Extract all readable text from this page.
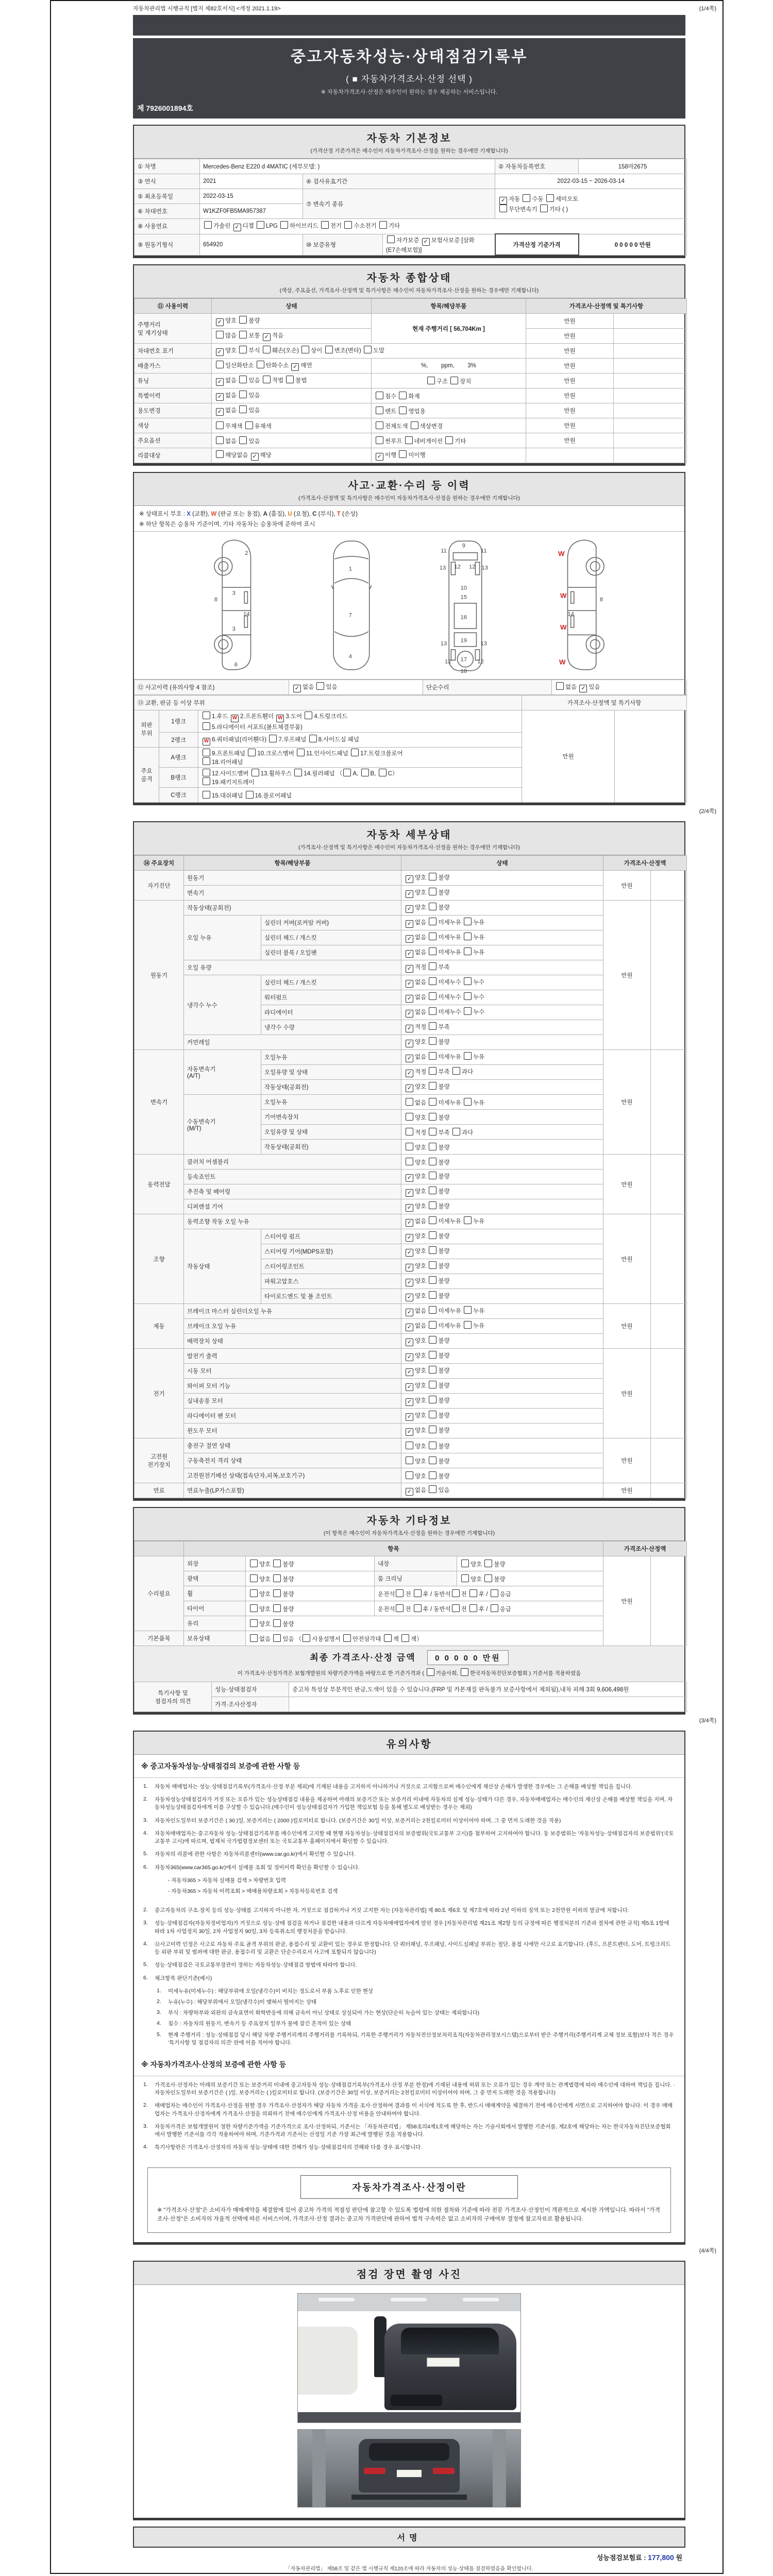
자동차관리법 시행규칙 [별지 제82호서식] <개정 2021.1.19>	(1/4쪽)
중고자동차성능·상태점검기록부
( ■ 자동차가격조사·산정 선택 )
※ 자동차가격조사·산정은 매수인이 원하는 경우 제공하는 서비스입니다.
제 7926001894호
자동차 기본정보
(가격산정 기준가격은 매수인이 자동차가격조사·산정을 원하는 경우에만 기재합니다)
① 차명	Mercedes-Benz E220 d 4MATIC (세부모델: )			② 자동차등록번호	158마2675
③ 연식	2021	④ 검사유효기간		2022-03-15 ~ 2026-03-14	
⑤ 최초등록일	2022-03-15	⑦ 변속기 종류		✓ 자동 수동 세미오토
무단변속기 기타 ( )	
⑥ 차대번호	W1KZF0FB5MA957387				
⑧ 사용연료	가솔린 ✓ 디젤 LPG 하이브리드 전기 수소전기 기타				
⑨ 원동기형식	654920	⑩ 보증유형	자가보증 ✓ 보험사보증 [삼화(E7손해보험)]	가격산정 기준가격	0 0 0 0 0 만원
자동차 종합상태
(색상, 주요옵션, 가격조사·산정액 및 특기사항은 매수인이 자동차가격조사·산정을 원하는 경우에만 기재합니다)
⑪ 사용이력	상태	항목/해당부품	가격조사·산정액 및 특기사항	
주행거리
및 계기상태	✓ 양호 불량	현재 주행거리 [ 56,704Km ]	만원	
	많음 보통 ✓ 적음		만원	
차대번호 표기	✓ 양호 부식 훼손(오손) 상이 변조(변타) 도말		만원	
배출가스	일산화탄소 탄화수소 ✓ 매연	%,        ppm,        3%	만원	
튜닝	✓ 없음 있음 적법 불법	구조 장치	만원	
특별이력	✓ 없음 있음	침수 화재	만원	
용도변경	✓ 없음 있음	렌트 영업용	만원	
색상	무채색 유채색	전체도색 색상변경	만원	
주요옵션	없음 있음	썬루프 네비게이션 기타	만원	
리콜대상	해당없음 ✓ 해당	✓ 이행 미이행		
사고·교환·수리 등 이력
(가격조사·산정액 및 특기사항은 매수인이 자동차가격조사·산정을 원하는 경우에만 기재합니다)
※ 상태표시 부호 : X (교환), W (판금 또는 용접), A (흠집), U (요철), C (부식), T (손상)
※ 하단 항목은 승용차 기준이며, 기타 자동차는 승용차에 준하여 표시
2
8
3
14
3
6
1
7
4
11	11
9
13	13
12 12
10
15
16
19
13	13
12	12
17
18
8
14
W
W
W
W
⑫ 사고이력 (유의사항 4 참조)	✓ 없음 있음	단순수리	없음 ✓ 있음
⑬ 교환, 판금 등 이상 부위			가격조사·산정액 및 특기사항	
외판
부위	1랭크	1.후드 W 2.프론트휀더 W 3.도어 4.트렁크리드
5.라디에이터 서포트(볼트체결부품)	만원	
	2랭크	W 6.쿼터패널(리어휀다) 7.루프패널 8.사이드실 패널		
주요
골격	A랭크	9.프론트패널 10.크로스멤버 11.인사이드패널 17.트렁크플로어
18.리어패널		
	B랭크	12.사이드멤버 13.휠하우스 14.필러패널 （ A, B, C）
19.패키지트레이		
	C랭크	15.대쉬패널 16.플로어패널		
(2/4쪽)
자동차 세부상태
(가격조사·산정액 및 특기사항은 매수인이 자동차가격조사·산정을 원하는 경우에만 기재합니다)
⑭ 주요장치	항목/해당부품		상태	가격조사·산정액	
자기진단	원동기		✓ 양호 불량	만원	
	변속기		✓ 양호 불량		
원동기	작동상태(공회전)		✓ 양호 불량	만원	
	오일 누유	실린더 커버(로커암 커버)	✓ 없음 미세누유 누유		
		실린더 헤드 / 개스킷	✓ 없음 미세누유 누유		
		실린더 블록 / 오일팬	✓ 없음 미세누유 누유		
	오일 유량		✓ 적정 부족		
	냉각수 누수	실린더 헤드 / 개스킷	✓ 없음 미세누수 누수		
		워터펌프	✓ 없음 미세누수 누수		
		라디에이터	✓ 없음 미세누수 누수		
		냉각수 수량	✓ 적정 부족		
	커먼레일		✓ 양호 불량		
변속기	자동변속기
(A/T)	오일누유	✓ 없음 미세누유 누유	만원	
		오일유량 및 상태	✓ 적정 부족 과다		
		작동상태(공회전)	✓ 양호 불량		
	수동변속기
(M/T)	오일누유	없음 미세누유 누유		
		기어변속장치	양호 불량		
		오일유량 및 상태	적정 부족 과다		
		작동상태(공회전)	양호 불량		
동력전달	클러치 어셈블리		양호 불량	만원	
	등속죠인트		✓ 양호 불량		
	추진축 및 베어링		✓ 양호 불량		
	디퍼렌셜 기어		✓ 양호 불량		
조향	동력조향 작동 오일 누유		✓ 없음 미세누유 누유	만원	
	작동상태	스티어링 펌프	✓ 양호 불량		
		스티어링 기어(MDPS포함)	✓ 양호 불량		
		스티어링조인트	✓ 양호 불량		
		파워고압호스	✓ 양호 불량		
		타이로드엔드 및 볼 조인트	✓ 양호 불량		
제동	브레이크 마스터 실린더오일 누유		✓ 없음 미세누유 누유	만원	
	브레이크 오일 누유		✓ 없음 미세누유 누유		
	배력장치 상태		✓ 양호 불량		
전기	발전기 출력		✓ 양호 불량	만원	
	시동 모터		✓ 양호 불량		
	와이퍼 모터 기능		✓ 양호 불량		
	실내송풍 모터		✓ 양호 불량		
	라디에이터 팬 모터		✓ 양호 불량		
	윈도우 모터		✓ 양호 불량		
고전원
전기장치	충전구 절연 상태		양호 불량	만원	
	구동축전지 격리 상태		양호 불량		
	고전원전기배선 상태(접속단자,피복,보호기구)		양호 불량		
연료	연료누출(LP가스포함)		✓ 없음 있음	만원	
자동차 기타정보
(이 항목은 매수인이 자동차가격조사·산정을 원하는 경우에만 기재합니다)
	항목				가격조사·산정액	
수리필요	외장	양호 불량	내장	양호 불량	만원	
	광택	양호 불량	룸 크리닝	양호 불량		
	휠	양호 불량	운전석 전 후 / 동반석 전 후 / 응급			
	타이어	양호 불량	운전석 전 후 / 동반석 전 후 / 응급			
	유리	양호 불량				
기본품목	보유상태	없음 있음 （ 사용설명서 안전삼각대 잭 잭）				
최종 가격조사·산정 금액 0 0 0 0 0 만원
이 가격조사·산정가격은 보험개발원의 차량기준가액을 바탕으로 한 기준가격과 ( 기술사회, 한국자동차진단보증협회 ) 기준서를 적용하였음
특기사항 및
점검자의 의견	성능·상태점검자	중고차 특성상 부분적인 판금,도색이 있을 수 있습니다.(FRP 및 카본재질 판독불가 보증사항에서 제외됨),내차 피해 3회 9,606,498원
	가격·조사산정자	
(3/4쪽)
유의사항
※ 중고자동차성능·상태점검의 보증에 관한 사항 등
1.	자동차 매매업자는 성능·상태점검기록부(가격조사·산정 부분 제외)에 기재된 내용을 고지하지 아니하거나 거짓으로 고지함으로써 매수인에게 재산상 손해가 발생한 경우에는 그 손해를 배상할 책임을 집니다.
2.	자동차성능상태점검자가 거짓 또는 오류가 있는 성능상태점검 내용을 제공하여 아래의 보증기간 또는 보증거리 이내에 자동차의 실제 성능·상태가 다른 경우, 자동차매매업자는 매수인의 재산상 손해를 배상할 책임을 지며, 자동차성능상태점검자에게 이를 구상할 수 있습니다.(매수인이 성능상태점검자가 가입한 책임보험 등을 통해 별도로 배상받는 경우는 제외)
3.	자동차인도일부터 보증기간은 ( 30 )일, 보증거리는 ( 2000 )킬로미터로 합니다. (보증기간은 30일 이상, 보증거리는 2천킬로미터 이상이어야 하며, 그 중 먼저 도래한 것을 적용)
4.	자동차매매업자는 중고자동차 성능·상태점검기록부를 매수인에게 고지할 때 현행 자동차성능·상태점검자의 보증범위(국토교통부 고시)를 첨부하여 고지하여야 합니다. 동 보증범위는 '자동차성능·상태점검자의 보증범위'(국토교통부 고시)에 따르며, 법제처 국가법령정보센터 또는 국토교통부 홈페이지에서 확인할 수 있습니다.
5.	자동차의 리콜에 관한 사항은 자동차리콜센터(www.car.go.kr)에서 확인할 수 있습니다.
6.	자동차365(www.car365.go.kr)에서 실매물 조회 및 정비이력 확인을 확인할 수 있습니다.
- 자동차365 > 자동차 실매물 검색 > 차량번호 입력
- 자동차365 > 자동차 이력조회 > 매매용차량조회 > 자동차등록번호 검색
2.	중고자동차의 구조·장치 등의 성능·상태를 고지하지 아니한 자, 거짓으로 점검하거나 거짓 고지한 자는 [자동차관리법] 제 80조 제6호 및 제7호에 따라 2년 이하의 징역 또는 2천만원 이하의 벌금에 처합니다.
3.	성능·상태점검자(자동차정비업자)가 거짓으로 성능·상태 점검을 하거나 점검한 내용과 다르게 자동차매매업자에게 알린 경우 [자동차관리법 제21조 제2항 등의 규정에 따른 행정처분의 기준과 절차에 관한 규칙] 제5조 1항에 따라 1차 사업정지 30일, 2차 사업정지 90일, 3차 등록취소의 행정처분을 받습니다.
4.	⑫사고이력 인정은 사고로 자동차 주요 골격 부위의 판금, 용접수리 및 교환이 있는 경우로 한정합니다. 단 쿼터패널, 루프패널, 사이드실패널 부위는 절단, 용접 시에만 사고로 표기합니다. (후드, 프론트펜더, 도어, 트렁크리드 등 외판 부위 및 범퍼에 대한 판금, 용접수리 및 교환은 단순수리로서 사고에 포함되지 않습니다)
5.	성능·상태점검은 국토교통부장관이 정하는 자동차성능·상태점검 방법에 따라야 합니다.
6.	체크항목 판단기준(예시)
1.	미세누유(미세누수) : 해당부위에 오일(냉각수)이 비치는 정도로서 부품 노후로 인한 현상
2.	누유(누수) : 해당부위에서 오일(냉각수)이 맺혀서 떨어지는 상태
3.	부식 : 차량하부와 외판의 금속표면이 화학반응에 의해 금속이 아닌 상태로 상실되어 가는 현상(단순히 녹슬어 있는 상태는 제외합니다)
4.	침수 : 자동차의 원동기, 변속기 등 주요장치 일부가 물에 잠긴 흔적이 있는 상태
5.	현재 주행거리 : 성능·상태점검 당시 해당 차량 주행거리계의 주행거리를 기록하되, 기록한 주행거리가 자동차전산정보처리조직(자동차관리정보시스템)으로부터 받은 주행거리(주행거리계 교체 정보 포함)보다 적은 경우 '특기사항 및 점검자의 의견' 란에 이를 적어야 합니다.
※ 자동차가격조사·산정의 보증에 관한 사항 등
1.	가격조사·산정자는 아래의 보증기간 또는 보증거리 이내에 중고자동차 성능·상태점검기록부(가격조사·산정 부분 한정)에 기재된 내용에 허위 또는 오류가 있는 경우 계약 또는 관계법령에 따라 매수인에 대하여 책임을 집니다. · 자동차인도일부터 보증기간은 ( )일, 보증거리는 ( )킬로미터로 합니다. (보증기간은 30일 이상, 보증거리는 2천킬로미터 이상이어야 하며, 그 중 먼저 도래한 것을 적용합니다)
2.	매매업자는 매수인이 가격조사·산정을 원할 경우 가격조사·산정자가 해당 자동차 가격을 조사·산정하여 결과를 이 서식에 적도록 한 후, 반드시 매매계약을 체결하기 전에 매수인에게 서면으로 고지하여야 합니다. 이 경우 매매업자는 가격조사·산정자에게 가격조사·산정을 의뢰하기 전에 매수인에게 가격조사·산정 비용을 안내하여야 합니다.
3.	자동차가격은 보험개발원이 정한 차량기준가액을 기준가격으로 조사·산정하되, 기준서는 「자동차관리법」 제58조의4제1호에 해당하는 자는 기술사회에서 발행한 기준서를, 제2호에 해당하는 자는 한국자동차진단보증협회에서 발행한 기준서를 각각 적용하여야 하며, 기준가격과 기준서는 산정일 기준 가장 최근에 발행된 것을 적용합니다.
4.	특기사항란은 가격조사·산정자의 자동차 성능·상태에 대한 견해가 성능·상태점검자의 견해와 다를 경우 표시합니다.
자동차가격조사·산정이란
※ "가격조사·산정"은 소비자가 매매계약을 체결함에 있어 중고차 가격의 적절성 판단에 참고할 수 있도록 법령에 의한 절차와 기준에 따라 전문 가격조사·산정인이 객관적으로 제시한 가액입니다. 따라서 "가격조사·산정"은 소비자의 자율적 선택에 따른 서비스이며, 가격조사·산정 결과는 중고차 가격판단에 관하여 법적 구속력은 없고 소비자의 구매여부 결정에 참고자료로 활용됩니다.
(4/4쪽)
점검 장면 촬영 사진
서명
성능점검보험료 : 177,800 원
「자동차관리법」 제58조 및 같은 법 시행규칙 제120조에 따라 자동차의 성능·상태를 점검하였음을 확인합니다.
